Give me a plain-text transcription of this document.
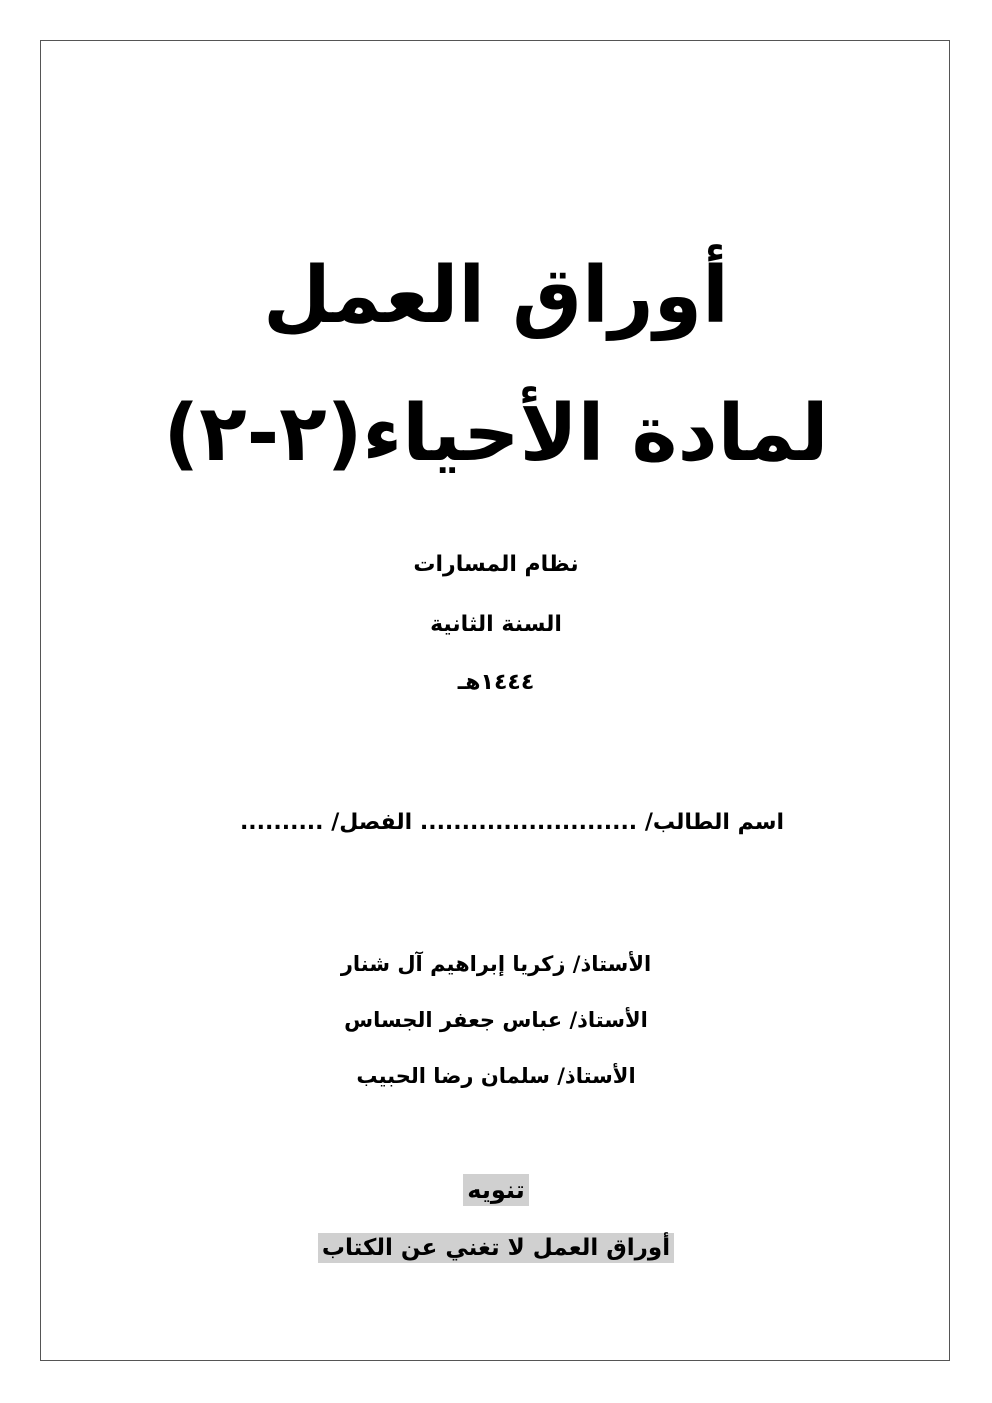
أوراق العمل
لمادة الأحياء(٢-٢)
نظام المسارات
السنة الثانية
١٤٤٤هـ
اسم الطالب/ .......................... الفصل/ ..........
الأستاذ/ زكريا إبراهيم آل شنار
الأستاذ/ عباس جعفر الجساس
الأستاذ/ سلمان رضا الحبيب
تنويه
أوراق العمل لا تغني عن الكتاب
